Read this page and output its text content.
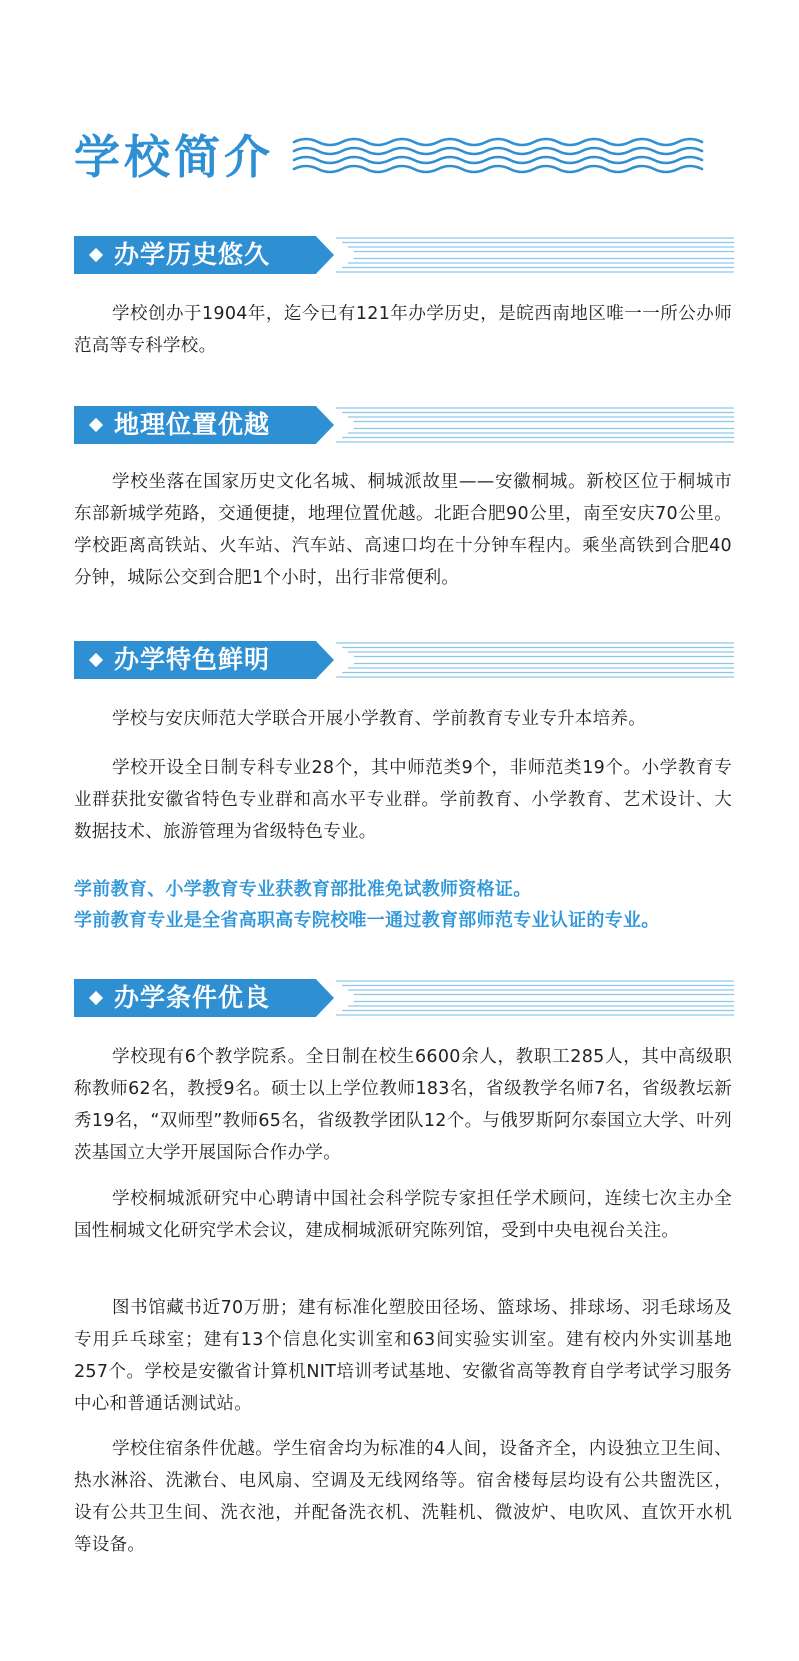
学校简介
办学历史悠久

学校创办于1904年，迄今已有121年办学历史，是皖西南地区唯一一所公办师范高等专科学校。

地理位置优越

学校坐落在国家历史文化名城、桐城派故里——安徽桐城。新校区位于桐城市东部新城学苑路，交通便捷，地理位置优越。北距合肥90公里，南至安庆70公里。学校距离高铁站、火车站、汽车站、高速口均在十分钟车程内。乘坐高铁到合肥40分钟，城际公交到合肥1个小时，出行非常便利。

办学特色鲜明

学校与安庆师范大学联合开展小学教育、学前教育专业专升本培养。

学校开设全日制专科专业28个，其中师范类9个，非师范类19个。小学教育专业群获批安徽省特色专业群和高水平专业群。学前教育、小学教育、艺术设计、大数据技术、旅游管理为省级特色专业。

学前教育、小学教育专业获教育部批准免试教师资格证。

学前教育专业是全省高职高专院校唯一通过教育部师范专业认证的专业。

办学条件优良

学校现有6个教学院系。全日制在校生6600余人，教职工285人，其中高级职称教师62名，教授9名。硕士以上学位教师183名，省级教学名师7名，省级教坛新秀19名，“双师型”教师65名，省级教学团队12个。与俄罗斯阿尔泰国立大学、叶列茨基国立大学开展国际合作办学。

学校桐城派研究中心聘请中国社会科学院专家担任学术顾问，连续七次主办全国性桐城文化研究学术会议，建成桐城派研究陈列馆，受到中央电视台关注。

图书馆藏书近70万册；建有标准化塑胶田径场、篮球场、排球场、羽毛球场及专用乒乓球室；建有13个信息化实训室和63间实验实训室。建有校内外实训基地257个。学校是安徽省计算机NIT培训考试基地、安徽省高等教育自学考试学习服务中心和普通话测试站。

学校住宿条件优越。学生宿舍均为标准的4人间，设备齐全，内设独立卫生间、热水淋浴、洗漱台、电风扇、空调及无线网络等。宿舍楼每层均设有公共盥洗区，设有公共卫生间、洗衣池，并配备洗衣机、洗鞋机、微波炉、电吹风、直饮开水机等设备。
